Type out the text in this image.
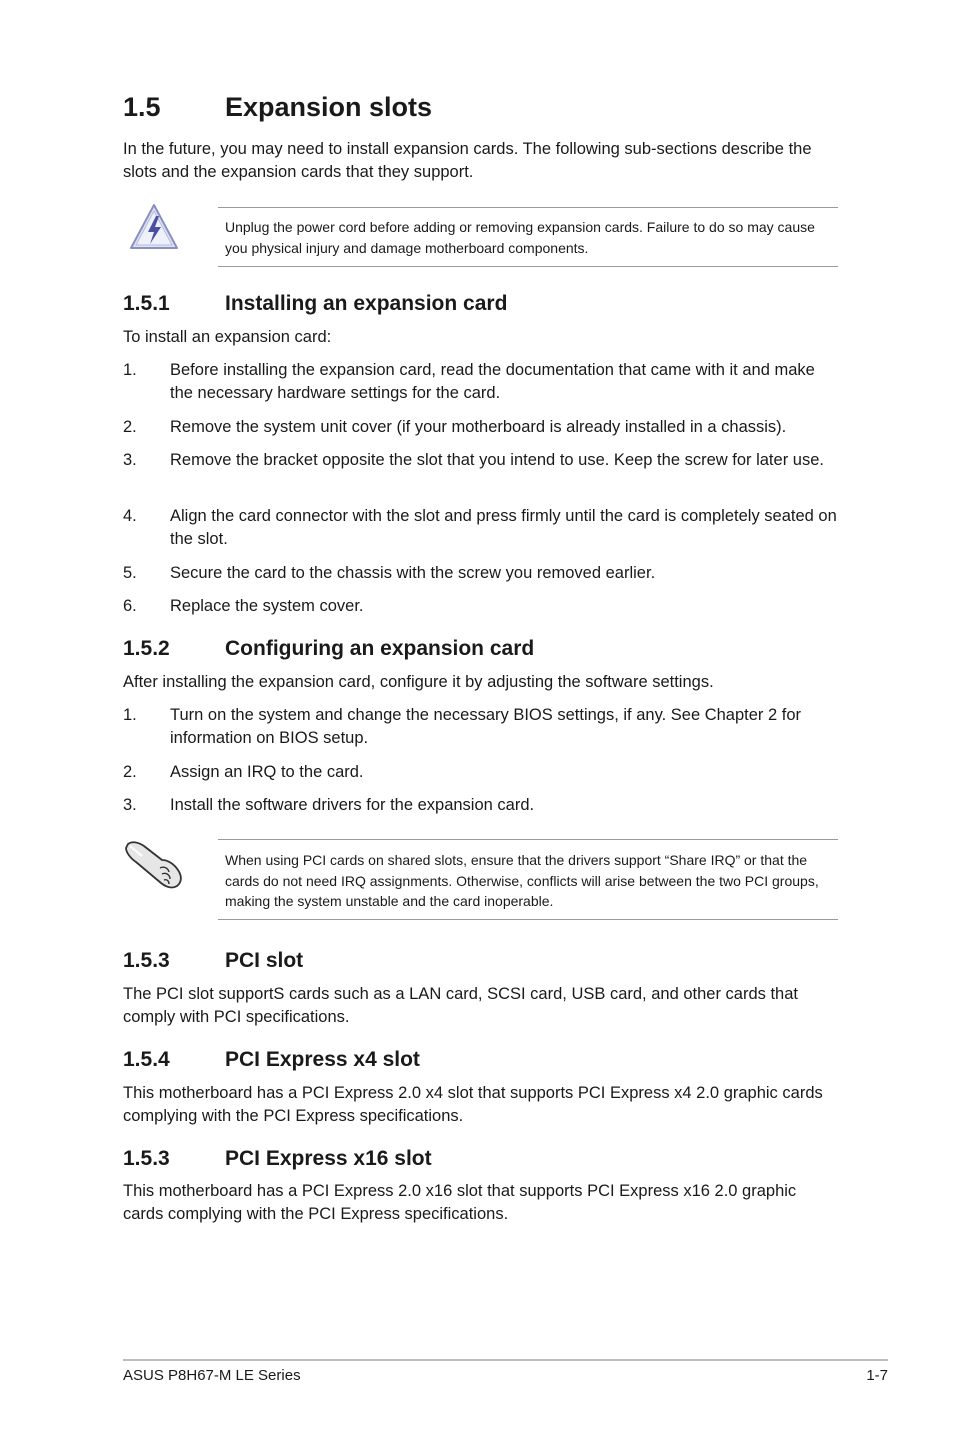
1.5 Expansion slots
In the future, you may need to install expansion cards. The following sub-sections describe the slots and the expansion cards that they support.
Unplug the power cord before adding or removing expansion cards. Failure to do so may cause you physical injury and damage motherboard components.
1.5.1	Installing an expansion card
To install an expansion card:
1. Before installing the expansion card, read the documentation that came with it and make the necessary hardware settings for the card.
2. Remove the system unit cover (if your motherboard is already installed in a chassis).
3. Remove the bracket opposite the slot that you intend to use. Keep the screw for later use.
4. Align the card connector with the slot and press firmly until the card is completely seated on the slot.
5. Secure the card to the chassis with the screw you removed earlier.
6. Replace the system cover.
1.5.2	Configuring an expansion card
After installing the expansion card, configure it by adjusting the software settings.
1. Turn on the system and change the necessary BIOS settings, if any. See Chapter 2 for information on BIOS setup.
2. Assign an IRQ to the card.
3. Install the software drivers for the expansion card.
When using PCI cards on shared slots, ensure that the drivers support “Share IRQ” or that the cards do not need IRQ assignments. Otherwise, conflicts will arise between the two PCI groups, making the system unstable and the card inoperable.
1.5.3	PCI slot
The PCI slot supportS cards such as a LAN card, SCSI card, USB card, and other cards that comply with PCI specifications.
1.5.4	PCI Express x4 slot
This motherboard has a PCI Express 2.0 x4 slot that supports PCI Express x4 2.0 graphic cards complying with the PCI Express specifications.
1.5.3	PCI Express x16 slot
This motherboard has a PCI Express 2.0 x16 slot that supports PCI Express x16 2.0 graphic cards complying with the PCI Express specifications.
ASUS P8H67-M LE Series	1-7
